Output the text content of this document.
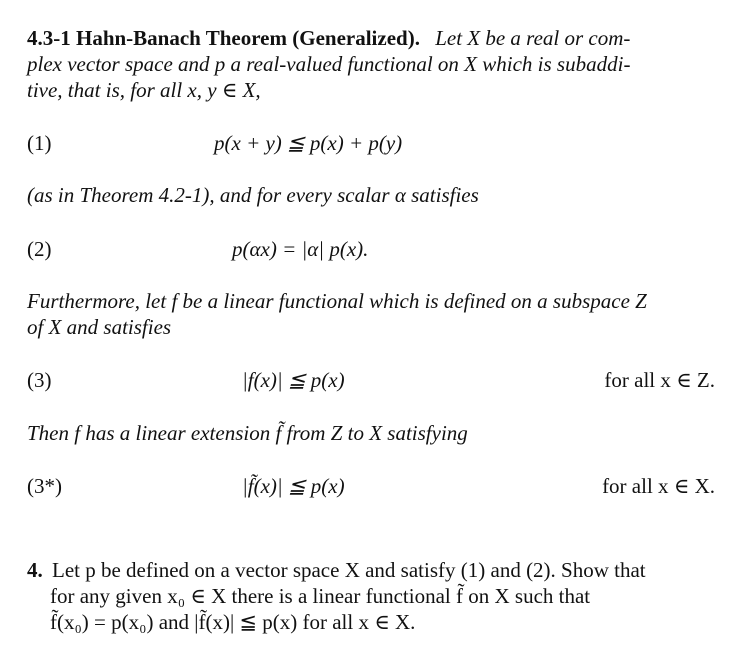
4.3-1 Hahn-Banach Theorem (Generalized). Let X be a real or com-
plex vector space and p a real-valued functional on X which is subaddi-
tive, that is, for all x, y ∈ X,
(1)	p(x + y) ≦ p(x) + p(y)
(as in Theorem 4.2-1), and for every scalar α satisfies
(2)	p(αx) = |α| p(x).
Furthermore, let f be a linear functional which is defined on a subspace Z
of X and satisfies
(3)	|f(x)| ≦ p(x)	for all x ∈ Z.
Then f has a linear extension f̃ from Z to X satisfying
(3*)	|f̃(x)| ≦ p(x)	for all x ∈ X.
4. Let p be defined on a vector space X and satisfy (1) and (2). Show that
for any given x₀ ∈ X there is a linear functional f̃ on X such that
f̃(x₀) = p(x₀) and |f̃(x)| ≦ p(x) for all x ∈ X.
